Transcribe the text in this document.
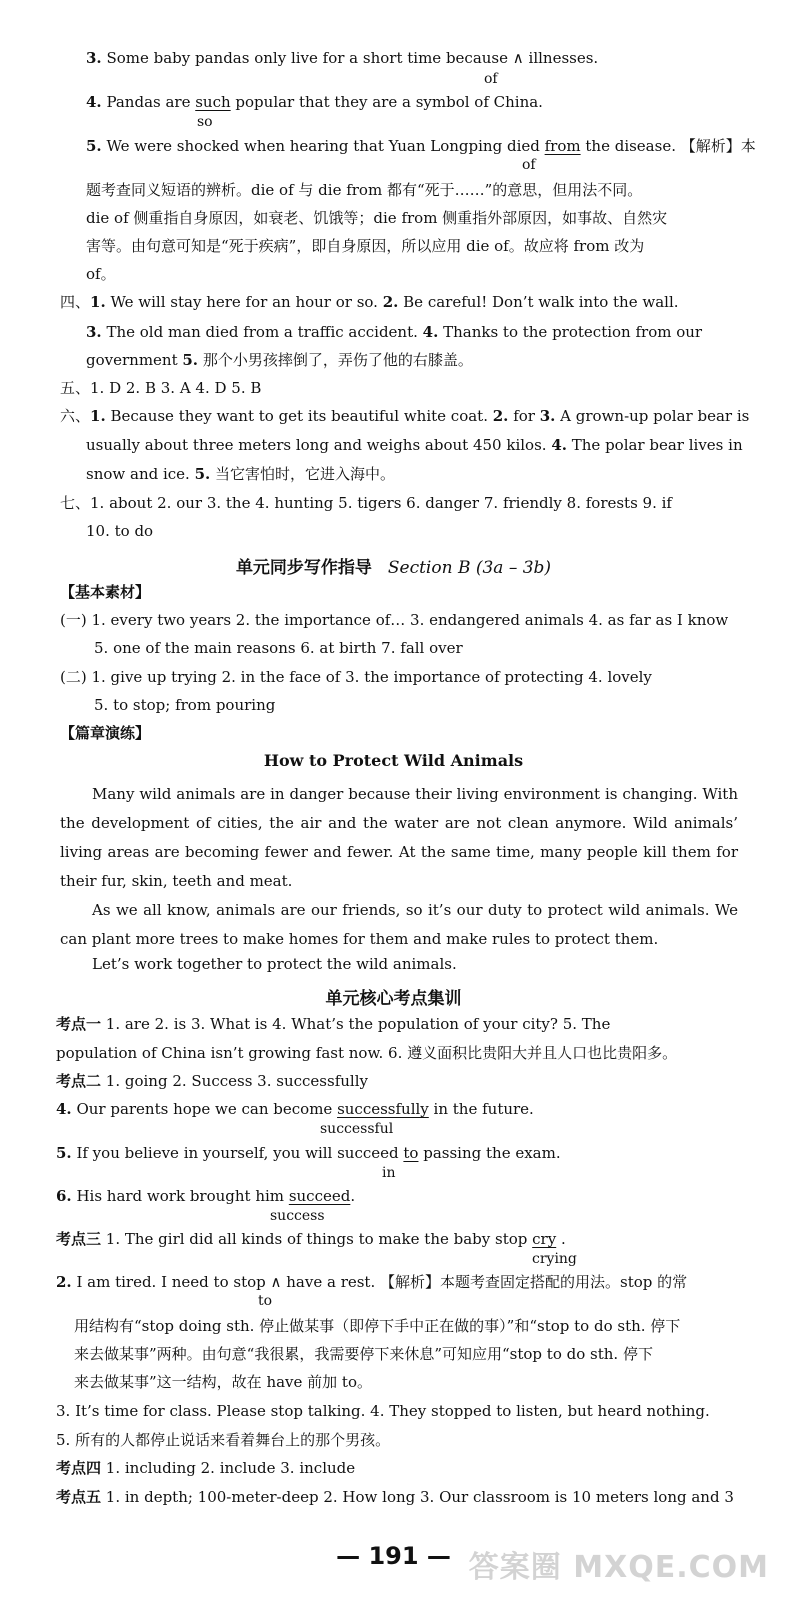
3. Some baby pandas only live for a short time because ∧ illnesses.
of
4. Pandas are such popular that they are a symbol of China.
so
5. We were shocked when hearing that Yuan Longping died from the disease. 【解析】本
of
题考查同义短语的辨析。die of 与 die from 都有“死于……”的意思，但用法不同。
die of 侧重指自身原因，如衰老、饥饿等；die from 侧重指外部原因，如事故、自然灾
害等。由句意可知是“死于疾病”，即自身原因，所以应用 die of。故应将 from 改为
of。
四、1. We will stay here for an hour or so. 2. Be careful! Don’t walk into the wall.
3. The old man died from a traffic accident. 4. Thanks to the protection from our
government 5. 那个小男孩摔倒了，弄伤了他的右膝盖。
五、1. D 2. B 3. A 4. D 5. B
六、1. Because they want to get its beautiful white coat. 2. for 3. A grown-up polar bear is
usually about three meters long and weighs about 450 kilos. 4. The polar bear lives in
snow and ice. 5. 当它害怕时，它进入海中。
七、1. about 2. our 3. the 4. hunting 5. tigers 6. danger 7. friendly 8. forests 9. if
10. to do
单元同步写作指导 Section B (3a – 3b)
【基本素材】
(一) 1. every two years 2. the importance of… 3. endangered animals 4. as far as I know
5. one of the main reasons 6. at birth 7. fall over
(二) 1. give up trying 2. in the face of 3. the importance of protecting 4. lovely
5. to stop; from pouring
【篇章演练】
How to Protect Wild Animals
Many wild animals are in danger because their living environment is changing. With the development of cities, the air and the water are not clean anymore. Wild animals’ living areas are becoming fewer and fewer. At the same time, many people kill them for their fur, skin, teeth and meat.
As we all know, animals are our friends, so it’s our duty to protect wild animals. We can plant more trees to make homes for them and make rules to protect them.
Let’s work together to protect the wild animals.
单元核心考点集训
考点一 1. are 2. is 3. What is 4. What’s the population of your city? 5. The
population of China isn’t growing fast now. 6. 遵义面积比贵阳大并且人口也比贵阳多。
考点二 1. going 2. Success 3. successfully
4. Our parents hope we can become successfully in the future.
successful
5. If you believe in yourself, you will succeed to passing the exam.
in
6. His hard work brought him succeed.
success
考点三 1. The girl did all kinds of things to make the baby stop cry .
crying
2. I am tired. I need to stop ∧ have a rest. 【解析】本题考查固定搭配的用法。stop 的常
to
用结构有“stop doing sth. 停止做某事（即停下手中正在做的事）”和“stop to do sth. 停下
来去做某事”两种。由句意“我很累，我需要停下来休息”可知应用“stop to do sth. 停下
来去做某事”这一结构，故在 have 前加 to。
3. It’s time for class. Please stop talking. 4. They stopped to listen, but heard nothing.
5. 所有的人都停止说话来看着舞台上的那个男孩。
考点四 1. including 2. include 3. include
考点五 1. in depth; 100-meter-deep 2. How long 3. Our classroom is 10 meters long and 3
— 191 — 答案圈 MXQE.COM
